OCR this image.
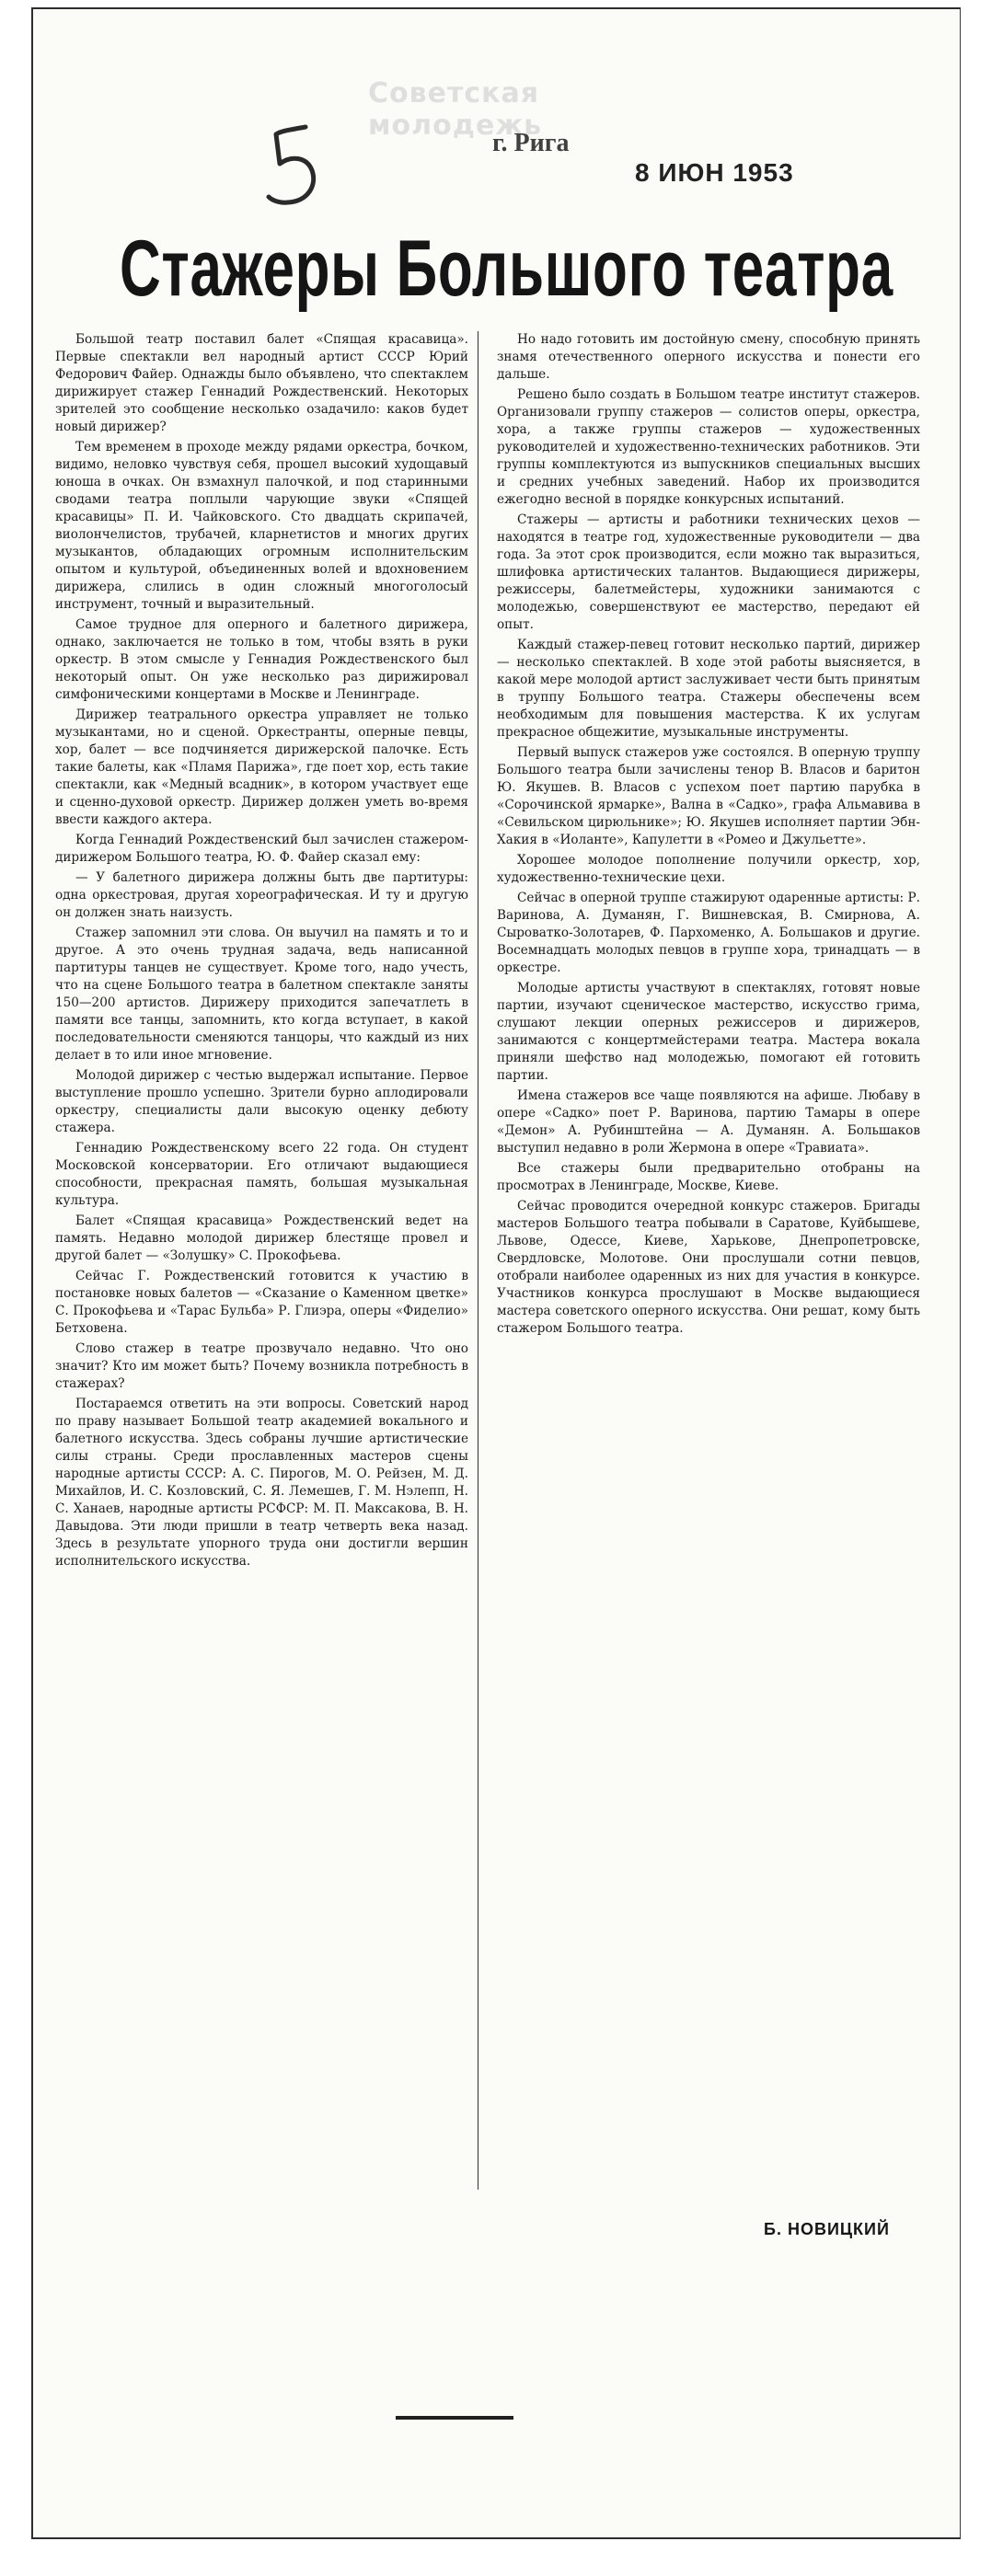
Советская молодежь
г. Рига
8 ИЮН 1953
Стажеры Большого театра

Большой театр поставил балет «Спящая красавица». Первые спектакли вел народный артист СССР Юрий Федорович Файер. Однажды было объявлено, что спектаклем дирижирует стажер Геннадий Рождественский. Некоторых зрителей это сообщение несколько озадачило: каков будет новый дирижер?

Тем временем в проходе между рядами оркестра, бочком, видимо, неловко чувствуя себя, прошел высокий худощавый юноша в очках. Он взмахнул палочкой, и под старинными сводами театра поплыли чарующие звуки «Спящей красавицы» П. И. Чайковского. Сто двадцать скрипачей, виолончелистов, трубачей, кларнетистов и многих других музыкантов, обладающих огромным исполнительским опытом и культурой, объединенных волей и вдохновением дирижера, слились в один сложный многоголосый инструмент, точный и выразительный.

Самое трудное для оперного и балетного дирижера, однако, заключается не только в том, чтобы взять в руки оркестр. В этом смысле у Геннадия Рождественского был некоторый опыт. Он уже несколько раз дирижировал симфоническими концертами в Москве и Ленинграде.

Дирижер театрального оркестра управляет не только музыкантами, но и сценой. Оркестранты, оперные певцы, хор, балет — все подчиняется дирижерской палочке. Есть такие балеты, как «Пламя Парижа», где поет хор, есть такие спектакли, как «Медный всадник», в котором участвует еще и сценно-духовой оркестр. Дирижер должен уметь во-время ввести каждого актера.

Когда Геннадий Рождественский был зачислен стажером-дирижером Большого театра, Ю. Ф. Файер сказал ему:

— У балетного дирижера должны быть две партитуры: одна оркестровая, другая хореографическая. И ту и другую он должен знать наизусть.

Стажер запомнил эти слова. Он выучил на память и то и другое. А это очень трудная задача, ведь написанной партитуры танцев не существует. Кроме того, надо учесть, что на сцене Большого театра в балетном спектакле заняты 150—200 артистов. Дирижеру приходится запечатлеть в памяти все танцы, запомнить, кто когда вступает, в какой последовательности сменяются танцоры, что каждый из них делает в то или иное мгновение.

Молодой дирижер с честью выдержал испытание. Первое выступление прошло успешно. Зрители бурно аплодировали оркестру, специалисты дали высокую оценку дебюту стажера.

Геннадию Рождественскому всего 22 года. Он студент Московской консерватории. Его отличают выдающиеся способности, прекрасная память, большая музыкальная культура.

Балет «Спящая красавица» Рождественский ведет на память. Недавно молодой дирижер блестяще провел и другой балет — «Золушку» С. Прокофьева.

Сейчас Г. Рождественский готовится к участию в постановке новых балетов — «Сказание о Каменном цветке» С. Прокофьева и «Тарас Бульба» Р. Глиэра, оперы «Фиделио» Бетховена.

Слово стажер в театре прозвучало недавно. Что оно значит? Кто им может быть? Почему возникла потребность в стажерах?

Постараемся ответить на эти вопросы. Советский народ по праву называет Большой театр академией вокального и балетного искусства. Здесь собраны лучшие артистические силы страны. Среди прославленных мастеров сцены народные артисты СССР: А. С. Пирогов, М. О. Рейзен, М. Д. Михайлов, И. С. Козловский, С. Я. Лемешев, Г. М. Нэлепп, Н. С. Ханаев, народные артисты РСФСР: М. П. Максакова, В. Н. Давыдова. Эти люди пришли в театр четверть века назад. Здесь в результате упорного труда они достигли вершин исполнительского искусства.

Но надо готовить им достойную смену, способную принять знамя отечественного оперного искусства и понести его дальше.

Решено было создать в Большом театре институт стажеров. Организовали группу стажеров — солистов оперы, оркестра, хора, а также группы стажеров — художественных руководителей и художественно-технических работников. Эти группы комплектуются из выпускников специальных высших и средних учебных заведений. Набор их производится ежегодно весной в порядке конкурсных испытаний.

Стажеры — артисты и работники технических цехов — находятся в театре год, художественные руководители — два года. За этот срок производится, если можно так выразиться, шлифовка артистических талантов. Выдающиеся дирижеры, режиссеры, балетмейстеры, художники занимаются с молодежью, совершенствуют ее мастерство, передают ей опыт.

Каждый стажер-певец готовит несколько партий, дирижер — несколько спектаклей. В ходе этой работы выясняется, в какой мере молодой артист заслуживает чести быть принятым в труппу Большого театра. Стажеры обеспечены всем необходимым для повышения мастерства. К их услугам прекрасное общежитие, музыкальные инструменты.

Первый выпуск стажеров уже состоялся. В оперную труппу Большого театра были зачислены тенор В. Власов и баритон Ю. Якушев. В. Власов с успехом поет партию парубка в «Сорочинской ярмарке», Вална в «Садко», графа Альмавива в «Севильском цирюльнике»; Ю. Якушев исполняет партии Эбн-Хакия в «Иоланте», Капулетти в «Ромео и Джульетте».

Хорошее молодое пополнение получили оркестр, хор, художественно-технические цехи.

Сейчас в оперной труппе стажируют одаренные артисты: Р. Варинова, А. Думанян, Г. Вишневская, В. Смирнова, А. Сыроватко-Золотарев, Ф. Пархоменко, А. Большаков и другие. Восемнадцать молодых певцов в группе хора, тринадцать — в оркестре.

Молодые артисты участвуют в спектаклях, готовят новые партии, изучают сценическое мастерство, искусство грима, слушают лекции оперных режиссеров и дирижеров, занимаются с концертмейстерами театра. Мастера вокала приняли шефство над молодежью, помогают ей готовить партии.

Имена стажеров все чаще появляются на афише. Любаву в опере «Садко» поет Р. Варинова, партию Тамары в опере «Демон» А. Рубинштейна — А. Думанян. А. Большаков выступил недавно в роли Жермона в опере «Травиата».

Все стажеры были предварительно отобраны на просмотрах в Ленинграде, Москве, Киеве.

Сейчас проводится очередной конкурс стажеров. Бригады мастеров Большого театра побывали в Саратове, Куйбышеве, Львове, Одессе, Киеве, Харькове, Днепропетровске, Свердловске, Молотове. Они прослушали сотни певцов, отобрали наиболее одаренных из них для участия в конкурсе. Участников конкурса прослушают в Москве выдающиеся мастера советского оперного искусства. Они решат, кому быть стажером Большого театра.

Б. НОВИЦКИЙ
